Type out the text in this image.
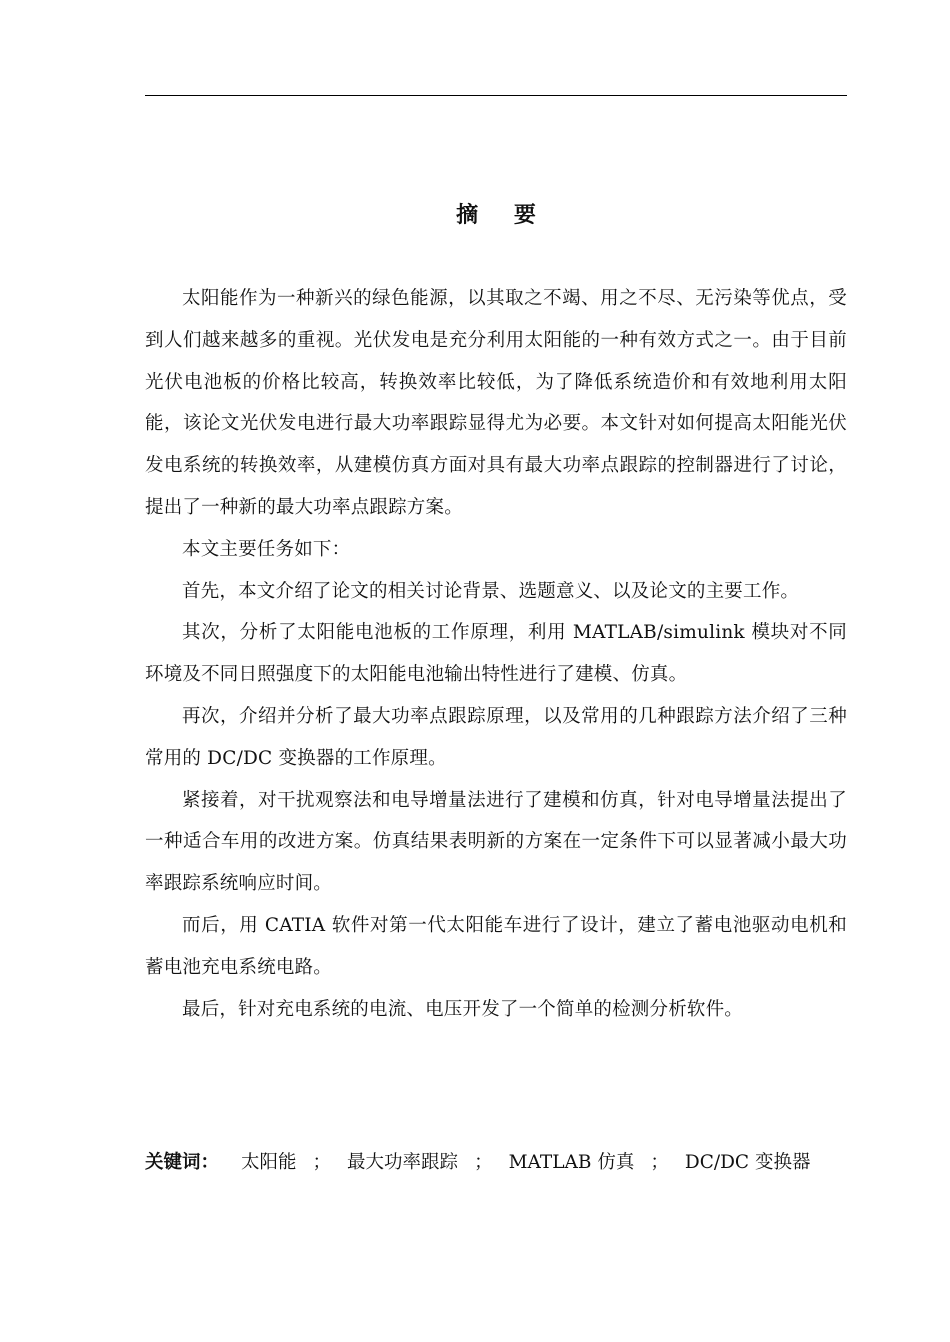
摘 要

太阳能作为一种新兴的绿色能源，以其取之不竭、用之不尽、无污染等优点，受到人们越来越多的重视。光伏发电是充分利用太阳能的一种有效方式之一。由于目前光伏电池板的价格比较高，转换效率比较低，为了降低系统造价和有效地利用太阳能，该论文光伏发电进行最大功率跟踪显得尤为必要。本文针对如何提高太阳能光伏发电系统的转换效率，从建模仿真方面对具有最大功率点跟踪的控制器进行了讨论，提出了一种新的最大功率点跟踪方案。

本文主要任务如下：

首先，本文介绍了论文的相关讨论背景、选题意义、以及论文的主要工作。

其次，分析了太阳能电池板的工作原理，利用 MATLAB/simulink 模块对不同环境及不同日照强度下的太阳能电池输出特性进行了建模、仿真。

再次，介绍并分析了最大功率点跟踪原理，以及常用的几种跟踪方法介绍了三种常用的 DC/DC 变换器的工作原理。

紧接着，对干扰观察法和电导增量法进行了建模和仿真，针对电导增量法提出了一种适合车用的改进方案。仿真结果表明新的方案在一定条件下可以显著减小最大功率跟踪系统响应时间。

而后，用 CATIA 软件对第一代太阳能车进行了设计，建立了蓄电池驱动电机和蓄电池充电系统电路。

最后，针对充电系统的电流、电压开发了一个简单的检测分析软件。

关键词： 太阳能 ； 最大功率跟踪 ； MATLAB 仿真 ； DC/DC 变换器
